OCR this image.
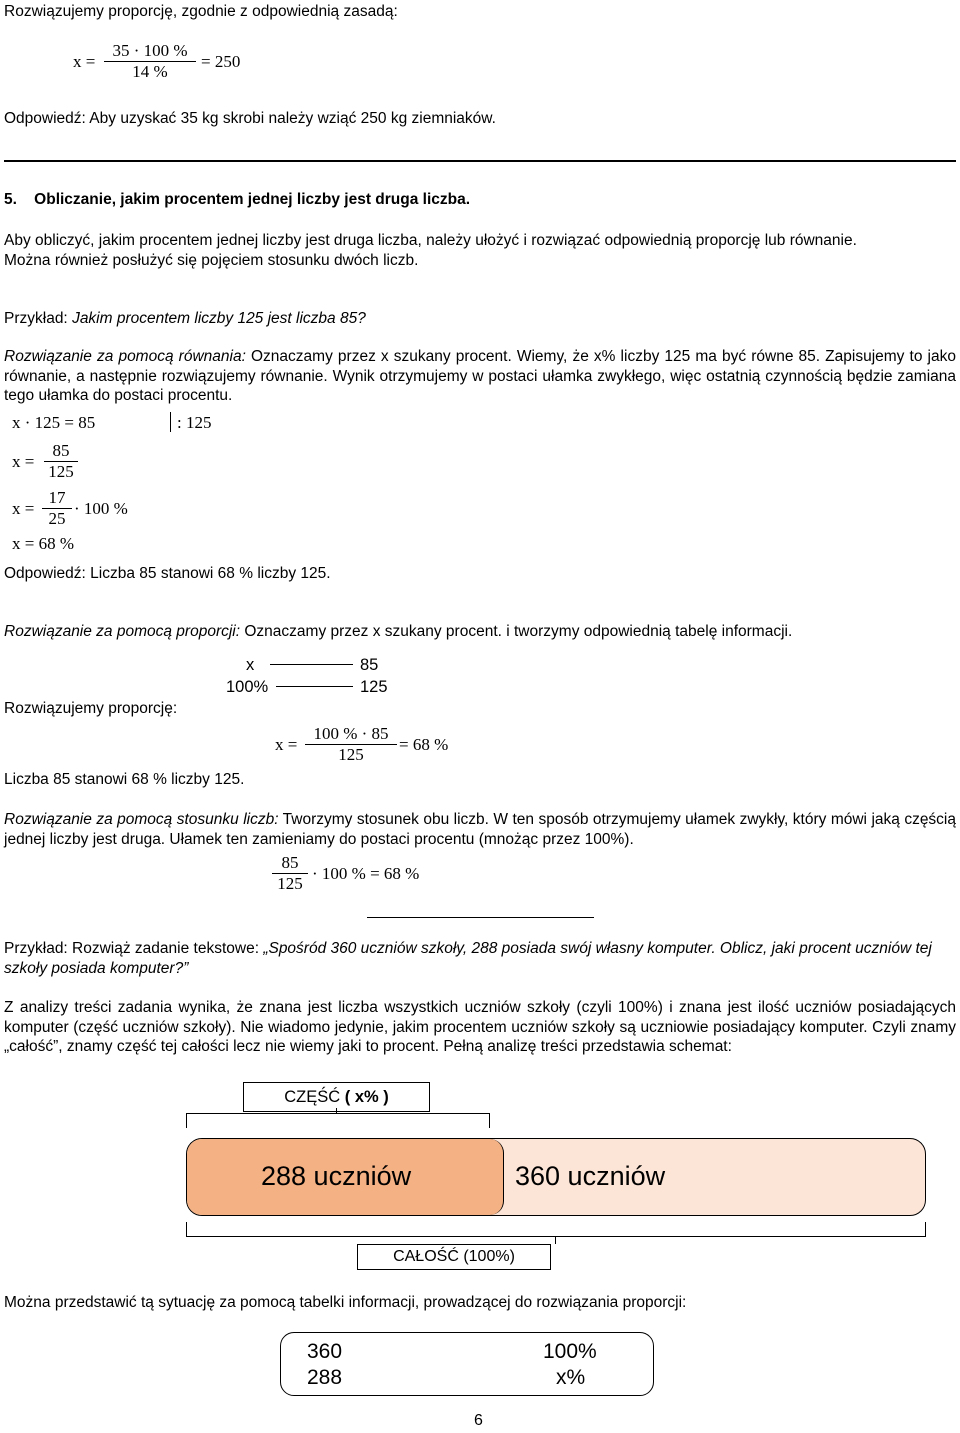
Rozwiązujemy proporcję, zgodnie z odpowiednią zasadą:
$x = \frac{35 \cdot 100 \%}{14 \%} = 250$
Odpowiedź: Aby uzyskać 35 kg skrobi należy wziąć 250 kg ziemniaków.
5. Obliczanie, jakim procentem jednej liczby jest druga liczba.
Aby obliczyć, jakim procentem jednej liczby jest druga liczba, należy ułożyć i rozwiązać odpowiednią proporcję lub równanie.
Można również posłużyć się pojęciem stosunku dwóch liczb.
Przykład: Jakim procentem liczby 125 jest liczba 85?
Rozwiązanie za pomocą równania: Oznaczamy przez x szukany procent. Wiemy, że x% liczby 125 ma być równe 85. Zapisujemy to jako równanie, a następnie rozwiązujemy równanie. Wynik otrzymujemy w postaci ułamka zwykłego, więc ostatnią czynnością będzie zamiana tego ułamka do postaci procentu.
x · 125 = 85	: 125
$x = \frac{85}{125}$
$x = \frac{17}{25} \cdot 100$ %
x = 68 %
Odpowiedź: Liczba 85 stanowi 68 % liczby 125.
Rozwiązanie za pomocą proporcji: Oznaczamy przez x szukany procent. i tworzymy odpowiednią tabelę informacji.
x	85
100%	125
Rozwiązujemy proporcję:
$x = \frac{100 \% \cdot 85}{125} = 68$ %
Liczba 85 stanowi 68 % liczby 125.
Rozwiązanie za pomocą stosunku liczb: Tworzymy stosunek obu liczb. W ten sposób otrzymujemy ułamek zwykły, który mówi jaką częścią jednej liczby jest druga. Ułamek ten zamieniamy do postaci procentu (mnożąc przez 100%).
$\frac{85}{125} \cdot 100$ % = 68 %
Przykład: Rozwiąż zadanie tekstowe: „Spośród 360 uczniów szkoły, 288 posiada swój własny komputer. Oblicz, jaki procent uczniów tej szkoły posiada komputer?”
Z analizy treści zadania wynika, że znana jest liczba wszystkich uczniów szkoły (czyli 100%) i znana jest ilość uczniów posiadających komputer (część uczniów szkoły). Nie wiadomo jedynie, jakim procentem uczniów szkoły są uczniowie posiadający komputer. Czyli znamy „całość”, znamy część tej całości lecz nie wiemy jaki to procent. Pełną analizę treści przedstawia schemat:
CZĘŚĆ ( x% )
288 uczniów	360 uczniów
CAŁOŚĆ (100%)
Można przedstawić tą sytuację za pomocą tabelki informacji, prowadzącej do rozwiązania proporcji:
360	100%
288	x%
6
